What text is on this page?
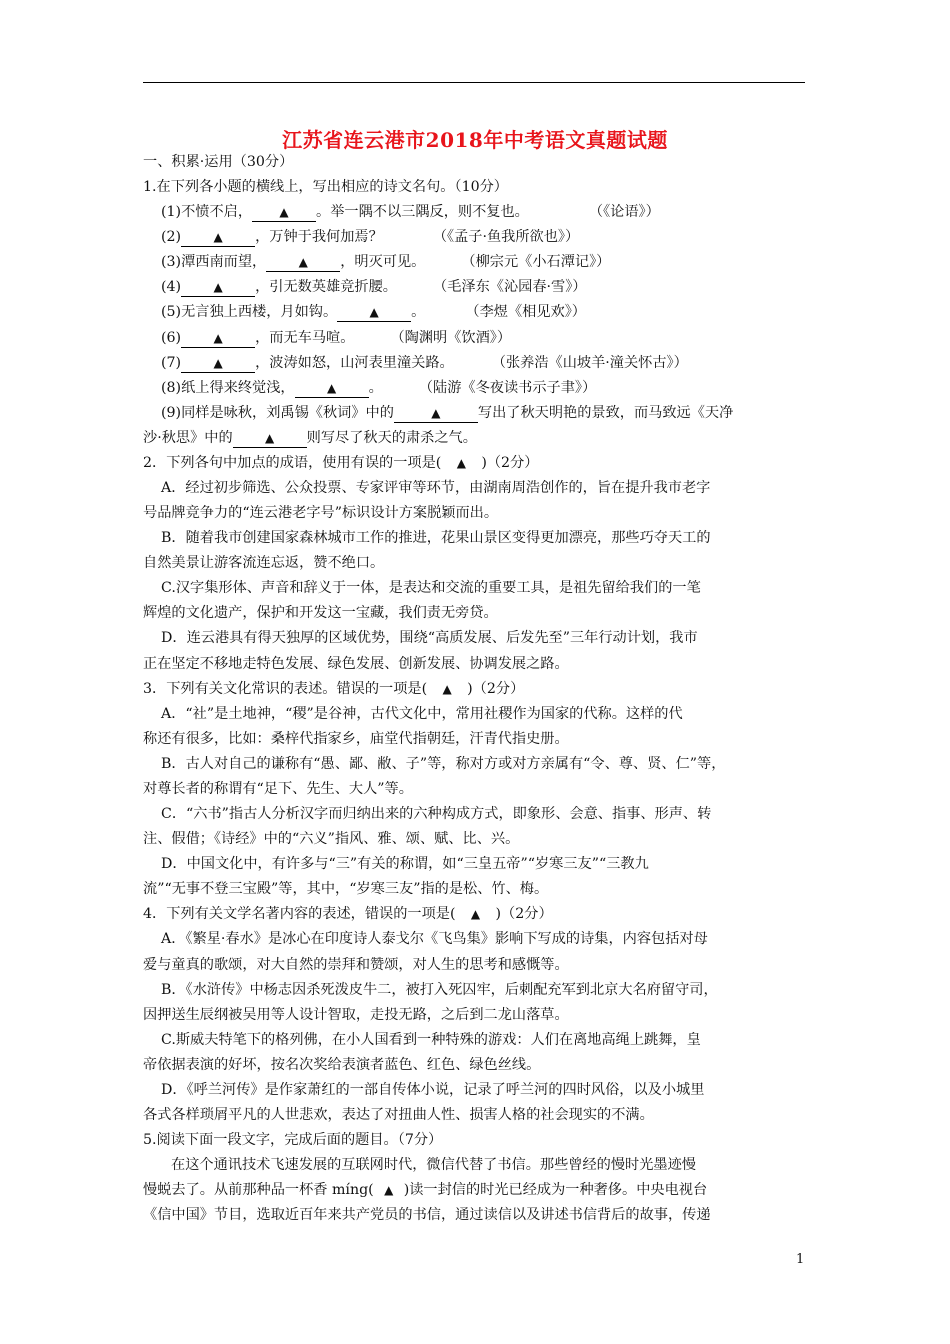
江苏省连云港市2018年中考语文真题试题
一、积累·运用（30分）
1.在下列各小题的横线上，写出相应的诗文名句。（10分）
(1)不愤不启， ▲ 。举一隅不以三隅反，则不复也。	（《论语》）
(2)	▲ ，万钟于我何加焉？	（《孟子·鱼我所欲也》）
(3)潭西南而望，	▲ ，明灭可见。	（柳宗元《小石潭记》）
(4)	▲ ，引无数英雄竞折腰。	（毛泽东《沁园春·雪》）
(5)无言独上西楼，月如钩。	▲ 。	（李煜《相见欢》）
(6)	▲ ，而无车马喧。	（陶渊明《饮酒》）
(7)	▲ ，波涛如怒，山河表里潼关路。	（张养浩《山坡羊·潼关怀古》）
(8)纸上得来终觉浅，	▲ 。	（陆游《冬夜读书示子聿》）
(9)同样是咏秋，刘禹锡《秋词》中的	▲	写出了秋天明艳的景致，而马致远《天净
沙·秋思》中的	▲ 则写尽了秋天的肃杀之气。
2．下列各句中加点的成语，使用有误的一项是( ▲ )（2分）
A．经过初步筛选、公众投票、专家评审等环节，由湖南周浩创作的，旨在提升我市老字
号品牌竞争力的“连云港老字号”标识设计方案脱颖而出。
B．随着我市创建国家森林城市工作的推进，花果山景区变得更加漂亮，那些巧夺天工的
自然美景让游客流连忘返，赞不绝口。
C.汉字集形体、声音和辞义于一体，是表达和交流的重要工具，是祖先留给我们的一笔
辉煌的文化遗产，保护和开发这一宝藏，我们责无旁贷。
D．连云港具有得天独厚的区域优势，围绕“高质发展、后发先至”三年行动计划，我市
正在坚定不移地走特色发展、绿色发展、创新发展、协调发展之路。
3．下列有关文化常识的表述。错误的一项是( ▲ )（2分）
A．“社”是土地神，“稷”是谷神，古代文化中，常用社稷作为国家的代称。这样的代
称还有很多，比如：桑梓代指家乡，庙堂代指朝廷，汗青代指史册。
B．古人对自己的谦称有“愚、鄙、敝、子”等，称对方或对方亲属有“令、尊、贤、仁”等，
对尊长者的称谓有“足下、先生、大人”等。
C．“六书”指古人分析汉字而归纳出来的六种构成方式，即象形、会意、指事、形声、转
注、假借；《诗经》中的“六义”指风、雅、颂、赋、比、兴。
D．中国文化中，有许多与“三”有关的称谓，如“三皇五帝”“岁寒三友”“三教九
流”“无事不登三宝殿”等，其中，“岁寒三友”指的是松、竹、梅。
4．下列有关文学名著内容的表述，错误的一项是( ▲ )（2分）
A．《繁星·春水》是冰心在印度诗人泰戈尔《飞鸟集》影响下写成的诗集，内容包括对母
爱与童真的歌颂，对大自然的崇拜和赞颂，对人生的思考和感慨等。
B．《水浒传》中杨志因杀死泼皮牛二，被打入死囚牢，后刺配充军到北京大名府留守司，
因押送生辰纲被吴用等人设计智取，走投无路，之后到二龙山落草。
C.斯威夫特笔下的格列佛，在小人国看到一种特殊的游戏：人们在离地高绳上跳舞，皇
帝依据表演的好坏，按名次奖给表演者蓝色、红色、绿色丝线。
D．《呼兰河传》是作家萧红的一部自传体小说，记录了呼兰河的四时风俗，以及小城里
各式各样琐屑平凡的人世悲欢，表达了对扭曲人性、损害人格的社会现实的不满。
5.阅读下面一段文字，完成后面的题目。（7分）
在这个通讯技术飞速发展的互联网时代，微信代替了书信。那些曾经的慢时光墨迹慢
慢蜕去了。从前那种品一杯香 míng( ▲ )读一封信的时光已经成为一种奢侈。中央电视台
《信中国》节目，选取近百年来共产党员的书信，通过读信以及讲述书信背后的故事，传递
1
